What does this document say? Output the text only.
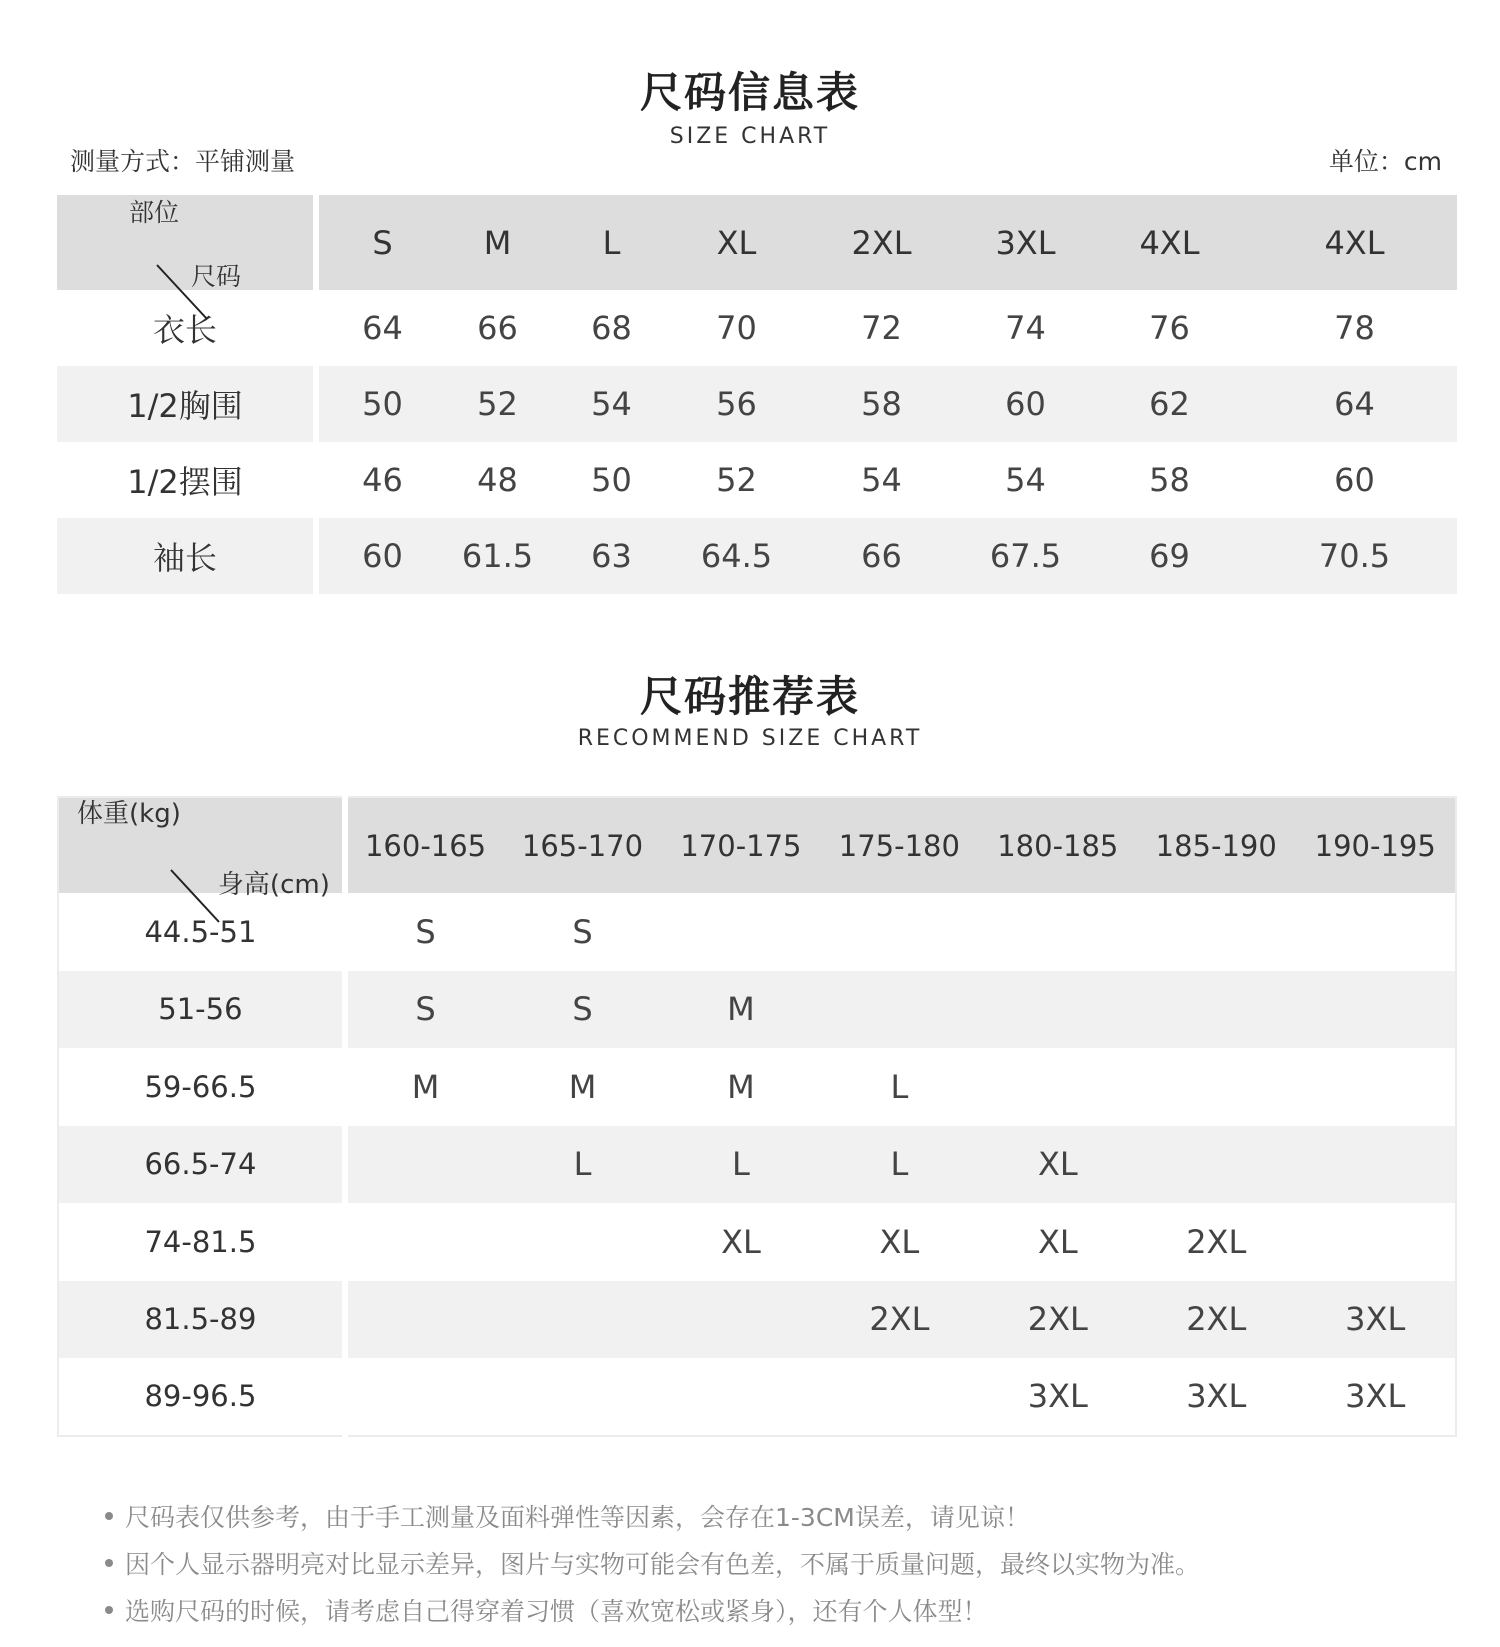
尺码信息表
SIZE CHART
测量方式：平铺测量	单位：cm
尺码
部位	S	M	L	XL	2XL	3XL	4XL	4XL
衣长	64	66	68	70	72	74	76	78
1/2胸围	50	52	54	56	58	60	62	64
1/2摆围	46	48	50	52	54	54	58	60
袖长	60	61.5	63	64.5	66	67.5	69	70.5
尺码推荐表
RECOMMEND SIZE CHART
身高(cm)
体重(kg)	160-165	165-170	170-175	175-180	180-185	185-190	190-195
44.5-51	S	S					
51-56	S	S	M				
59-66.5	M	M	M	L			
66.5-74		L	L	L	XL		
74-81.5			XL	XL	XL	2XL	
81.5-89				2XL	2XL	2XL	3XL
89-96.5					3XL	3XL	3XL
尺码表仅供参考，由于手工测量及面料弹性等因素，会存在1-3CM误差，请见谅！
因个人显示器明亮对比显示差异，图片与实物可能会有色差，不属于质量问题，最终以实物为准。
选购尺码的时候，请考虑自己得穿着习惯（喜欢宽松或紧身），还有个人体型！
